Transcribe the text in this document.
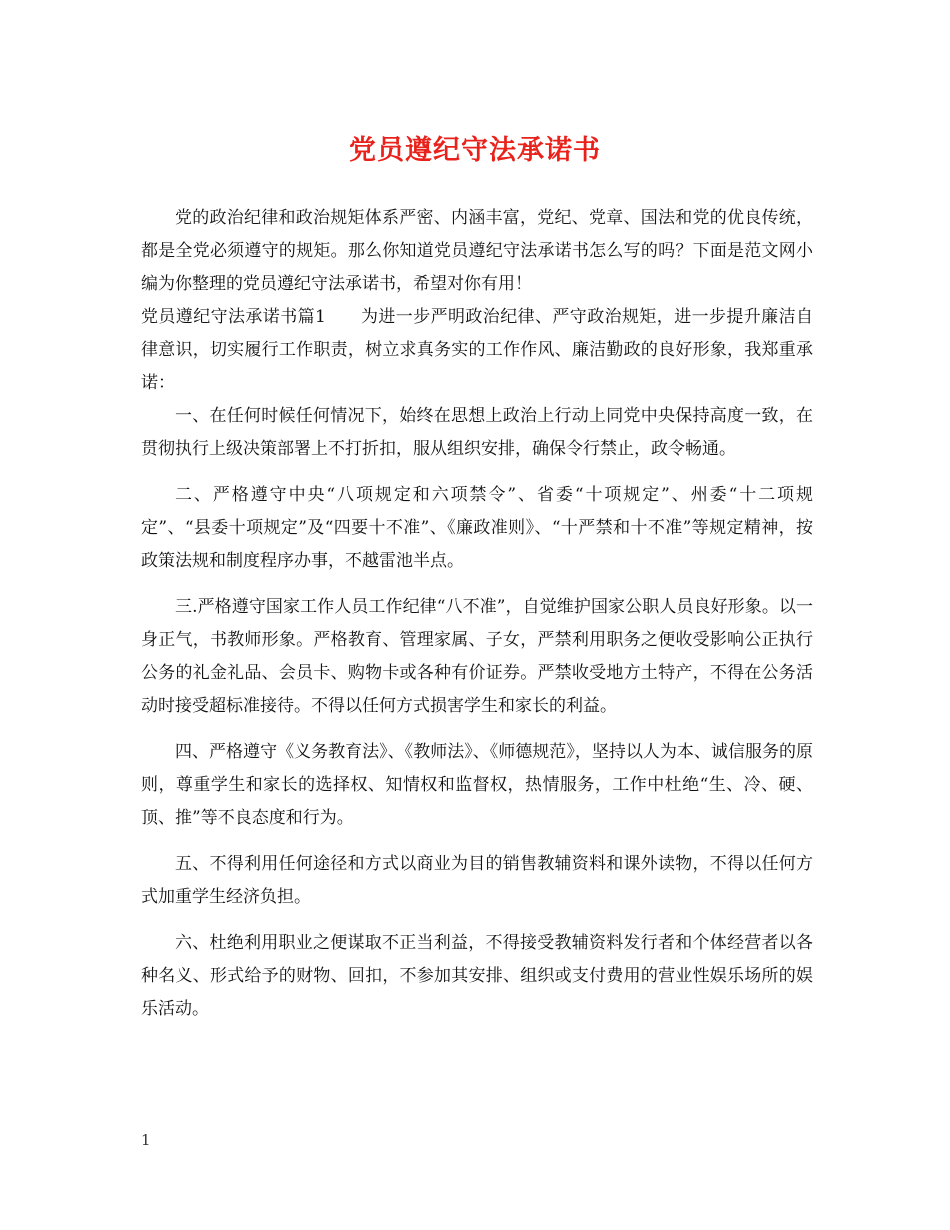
党员遵纪守法承诺书

党的政治纪律和政治规矩体系严密、内涵丰富，党纪、党章、国法和党的优良传统，都是全党必须遵守的规矩。那么你知道党员遵纪守法承诺书怎么写的吗？下面是范文网小编为你整理的党员遵纪守法承诺书，希望对你有用！

党员遵纪守法承诺书篇1　　为进一步严明政治纪律、严守政治规矩，进一步提升廉洁自律意识，切实履行工作职责，树立求真务实的工作作风、廉洁勤政的良好形象，我郑重承诺：

一、在任何时候任何情况下，始终在思想上政治上行动上同党中央保持高度一致，在贯彻执行上级决策部署上不打折扣，服从组织安排，确保令行禁止，政令畅通。

二、严格遵守中央“八项规定和六项禁令”、省委“十项规定”、州委“十二项规定”、“县委十项规定”及“四要十不准”、《廉政准则》、“十严禁和十不准”等规定精神，按政策法规和制度程序办事，不越雷池半点。

三.严格遵守国家工作人员工作纪律“八不准”，自觉维护国家公职人员良好形象。以一身正气，书教师形象。严格教育、管理家属、子女，严禁利用职务之便收受影响公正执行公务的礼金礼品、会员卡、购物卡或各种有价证券。严禁收受地方土特产，不得在公务活动时接受超标准接待。不得以任何方式损害学生和家长的利益。

四、严格遵守《义务教育法》、《教师法》、《师德规范》，坚持以人为本、诚信服务的原则，尊重学生和家长的选择权、知情权和监督权，热情服务，工作中杜绝“生、冷、硬、顶、推”等不良态度和行为。

五、不得利用任何途径和方式以商业为目的销售教辅资料和课外读物，不得以任何方式加重学生经济负担。

六、杜绝利用职业之便谋取不正当利益，不得接受教辅资料发行者和个体经营者以各种名义、形式给予的财物、回扣，不参加其安排、组织或支付费用的营业性娱乐场所的娱乐活动。

1
